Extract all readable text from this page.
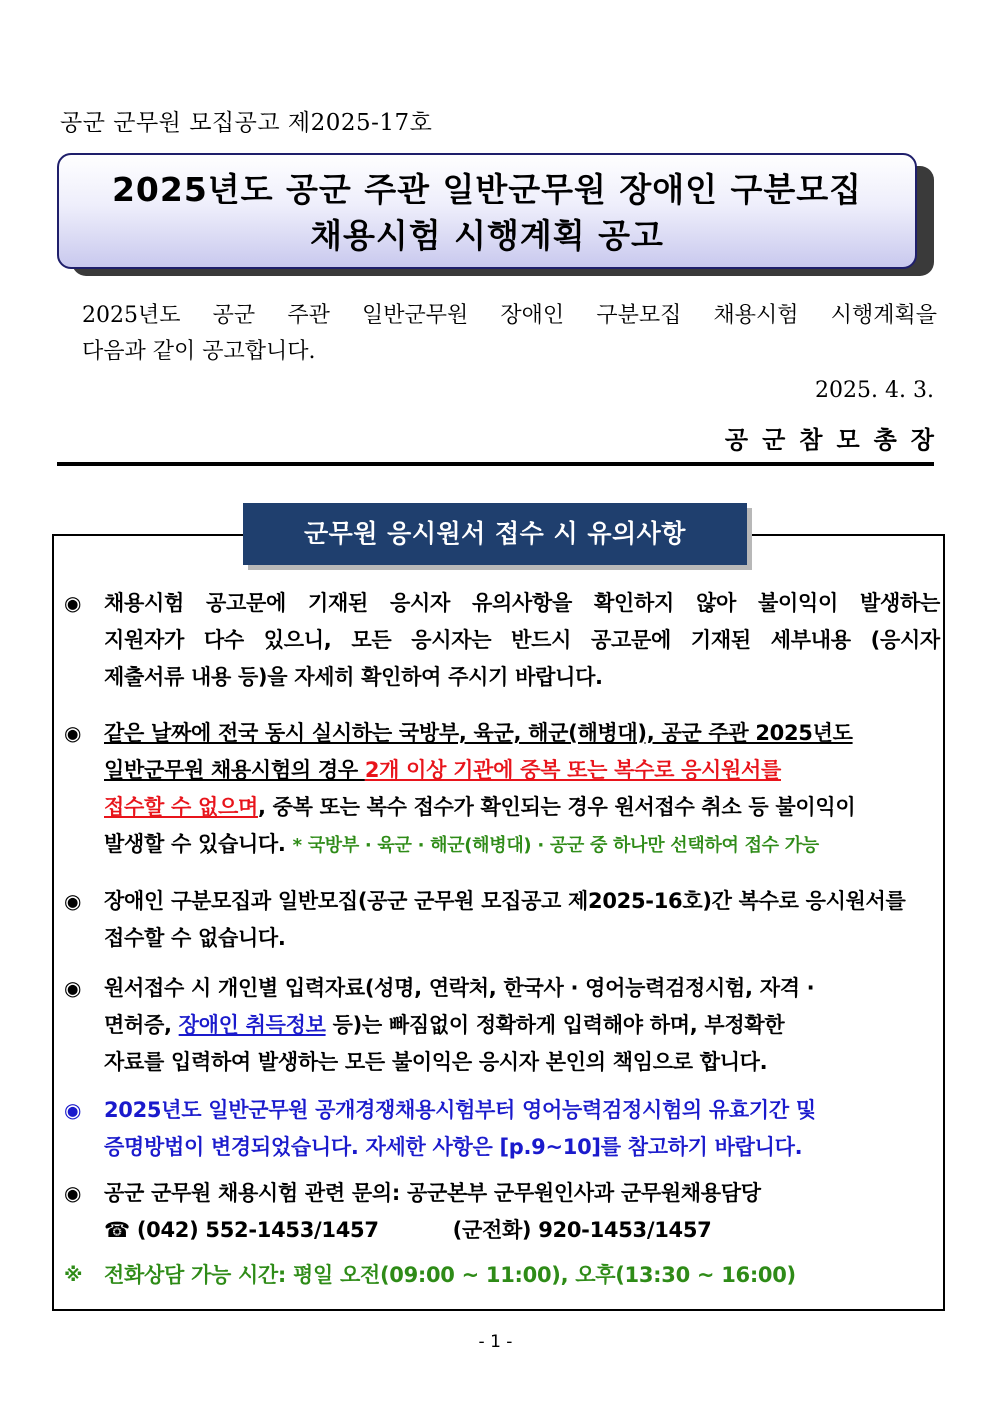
공군 군무원 모집공고 제2025-17호
2025년도 공군 주관 일반군무원 장애인 구분모집
채용시험 시행계획 공고
2025년도 공군 주관 일반군무원 장애인 구분모집 채용시험 시행계획을
다음과 같이 공고합니다.
2025. 4. 3.
공군참모총장
군무원 응시원서 접수 시 유의사항
◉ 채용시험 공고문에 기재된 응시자 유의사항을 확인하지 않아 불이익이 발생하는
지원자가 다수 있으니, 모든 응시자는 반드시 공고문에 기재된 세부내용 (응시자
제출서류 내용 등)을 자세히 확인하여 주시기 바랍니다.
◉ 같은 날짜에 전국 동시 실시하는 국방부, 육군, 해군(해병대), 공군 주관 2025년도
일반군무원 채용시험의 경우 2개 이상 기관에 중복 또는 복수로 응시원서를
접수할 수 없으며, 중복 또는 복수 접수가 확인되는 경우 원서접수 취소 등 불이익이
발생할 수 있습니다. * 국방부 · 육군 · 해군(해병대) · 공군 중 하나만 선택하여 접수 가능
◉ 장애인 구분모집과 일반모집(공군 군무원 모집공고 제2025-16호)간 복수로 응시원서를
접수할 수 없습니다.
◉ 원서접수 시 개인별 입력자료(성명, 연락처, 한국사 · 영어능력검정시험, 자격 ·
면허증, 장애인 취득정보 등)는 빠짐없이 정확하게 입력해야 하며, 부정확한
자료를 입력하여 발생하는 모든 불이익은 응시자 본인의 책임으로 합니다.
◉ 2025년도 일반군무원 공개경쟁채용시험부터 영어능력검정시험의 유효기간 및
증명방법이 변경되었습니다. 자세한 사항은 [p.9~10]를 참고하기 바랍니다.
◉ 공군 군무원 채용시험 관련 문의: 공군본부 군무원인사과 군무원채용담당
☎ (042) 552-1453/1457	(군전화) 920-1453/1457
※ 전화상담 가능 시간: 평일 오전(09:00 ~ 11:00), 오후(13:30 ~ 16:00)
- 1 -
